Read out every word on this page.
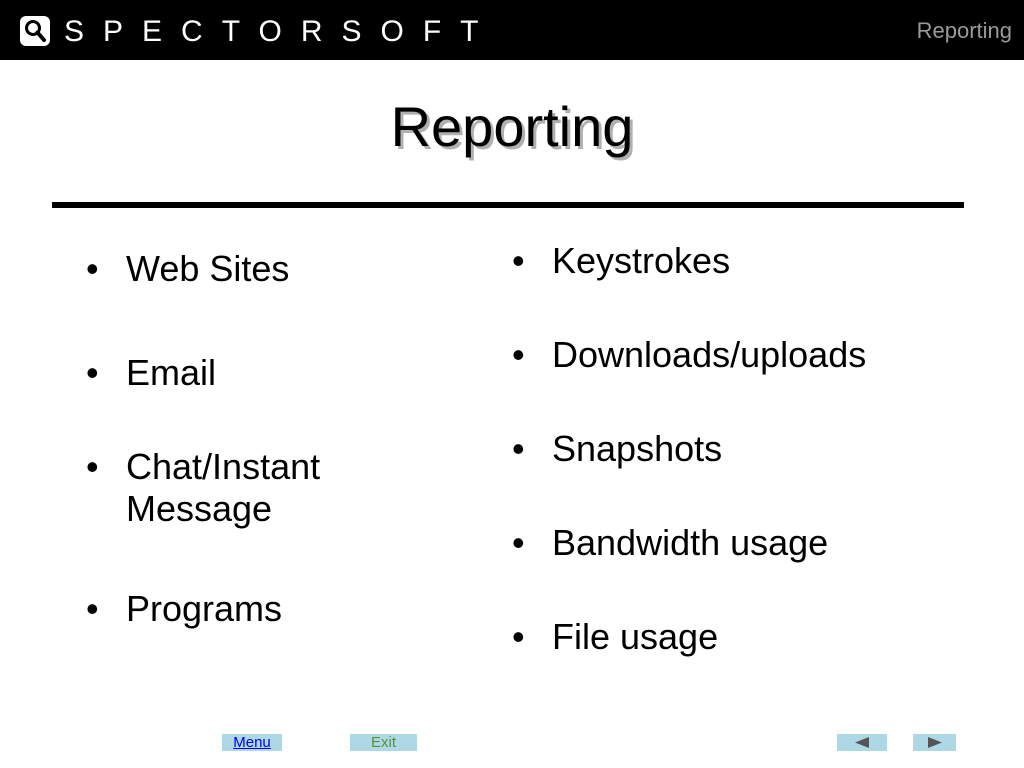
SPECTORSOFT	Reporting
Reporting
• Web Sites
• Email
• Chat/Instant Message
• Programs
• Keystrokes
• Downloads/uploads
• Snapshots
• Bandwidth usage
• File usage
Menu	Exit
